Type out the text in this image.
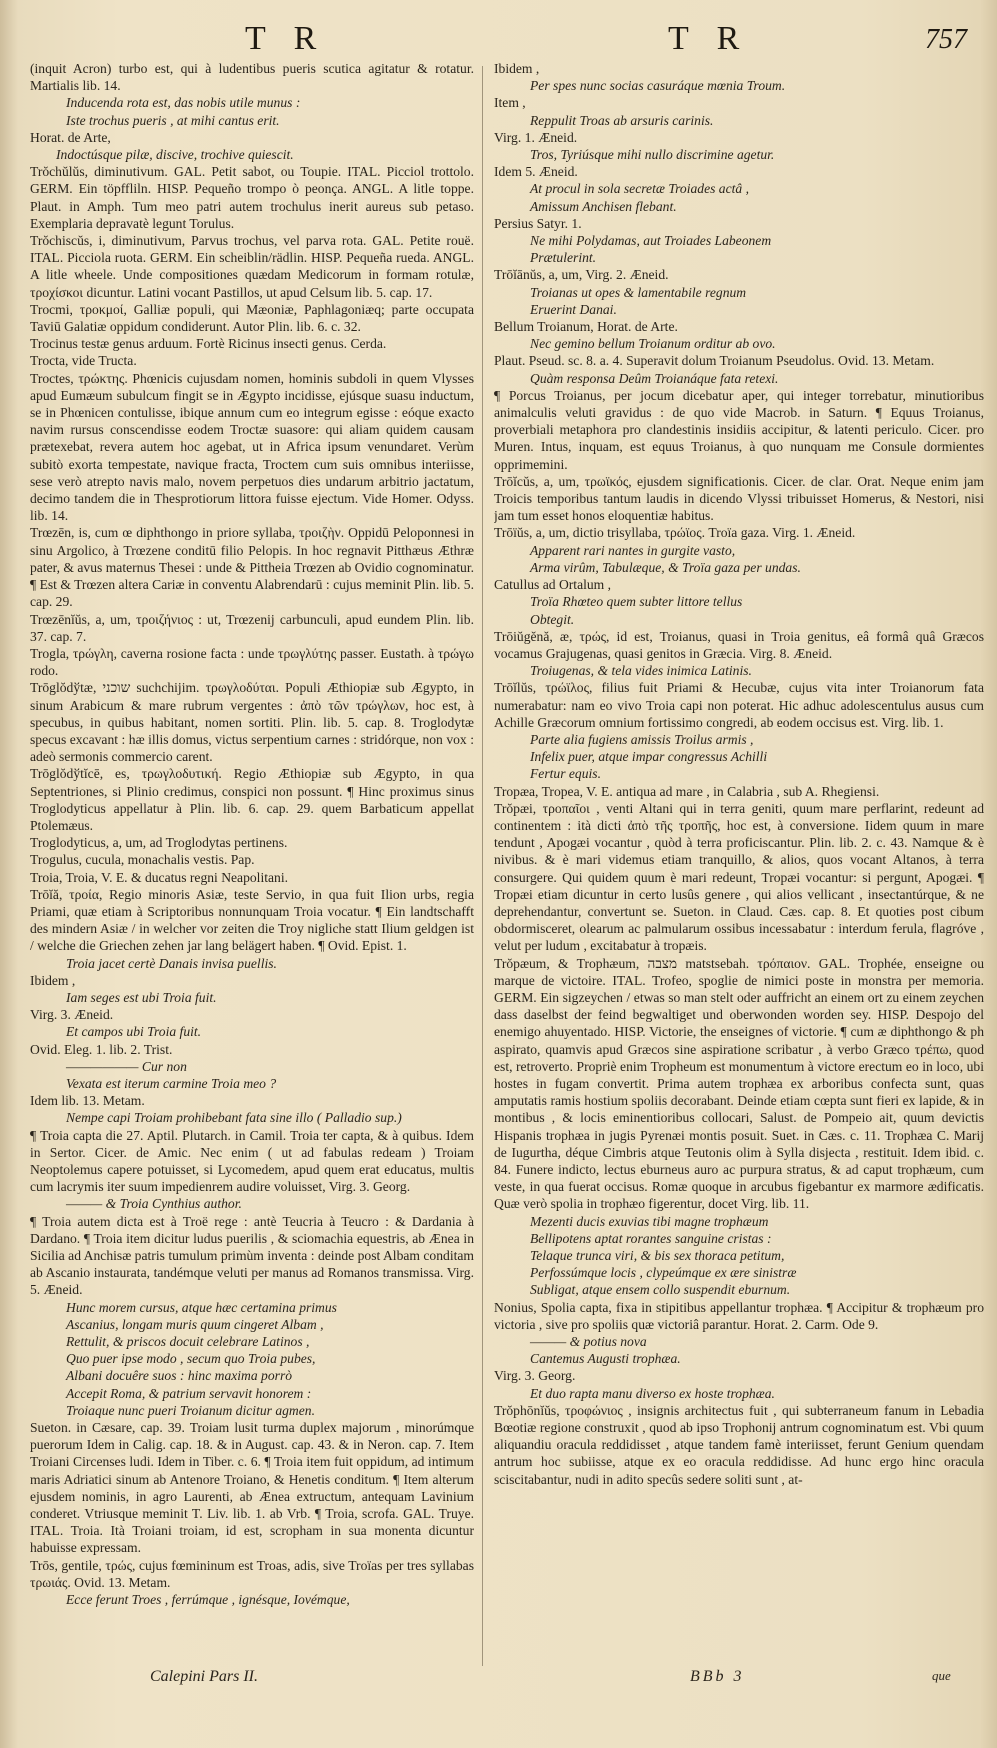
T R	T R	757

(inquit Acron) turbo est, qui à ludentibus pueris scutica agitatur & rotatur. Martialis lib. 14.

Inducenda rota est, das nobis utile munus :

Iste trochus pueris , at mihi cantus erit.

Horat. de Arte,

Indoctúsque pilæ, discive, trochive quiescit.

Trŏchŭlŭs, diminutivum. GAL. Petit sabot, ou Toupie. ITAL. Picciol trottolo. GERM. Ein töpffliln. HISP. Pequeño trompo ò peonça. ANGL. A litle toppe. Plaut. in Amph. Tum meo patri autem trochulus inerit aureus sub petaso. Exemplaria depravatè legunt Torulus.

Trŏchiscŭs, i, diminutivum, Parvus trochus, vel parva rota. GAL. Petite rouë. ITAL. Picciola ruota. GERM. Ein scheiblin/rädlin. HISP. Pequeña rueda. ANGL. A litle wheele. Unde compositiones quædam Medicorum in formam rotulæ, τροχίσκοι dicuntur. Latini vocant Pastillos, ut apud Celsum lib. 5. cap. 17.

Trocmi, τροκμοί, Galliæ populi, qui Mæoniæ, Paphlagoniæq; parte occupata Taviū Galatiæ oppidum condiderunt. Autor Plin. lib. 6. c. 32.

Trocinus testæ genus arduum. Fortè Ricinus insecti genus. Cerda.

Trocta, vide Tructa.

Troctes, τρώκτης. Phœnicis cujusdam nomen, hominis subdoli in quem Vlysses apud Eumæum subulcum fingit se in Ægypto incidisse, ejúsque suasu inductum, se in Phœnicen contulisse, ibique annum cum eo integrum egisse : eóque exacto navim rursus conscendisse eodem Troctæ suasore: qui aliam quidem causam prætexebat, revera autem hoc agebat, ut in Africa ipsum venundaret. Verùm subitò exorta tempestate, navique fracta, Troctem cum suis omnibus interiisse, sese verò atrepto navis malo, novem perpetuos dies undarum arbitrio jactatum, decimo tandem die in Thesprotiorum littora fuisse ejectum. Vide Homer. Odyss. lib. 14.

Trœzēn, is, cum œ diphthongo in priore syllaba, τροιζὴν. Oppidū Peloponnesi in sinu Argolico, à Trœzene conditū filio Pelopis. In hoc regnavit Pitthæus Æthræ pater, & avus maternus Thesei : unde & Pittheia Trœzen ab Ovidio cognominatur. ¶ Est & Trœzen altera Cariæ in conventu Alabrendarū : cujus meminit Plin. lib. 5. cap. 29.

Trœzēnĭŭs, a, um, τροιζήνιος : ut, Trœzenij carbunculi, apud eundem Plin. lib. 37. cap. 7.

Trogla, τρώγλη, caverna rosione facta : unde τρωγλύτης passer. Eustath. à τρώγω rodo.

Trōglŏdўtæ, שוכני suchchijim. τρωγλοδύται. Populi Æthiopiæ sub Ægypto, in sinum Arabicum & mare rubrum vergentes : ἀπὸ τῶν τρώγλων, hoc est, à specubus, in quibus habitant, nomen sortiti. Plin. lib. 5. cap. 8. Troglodytæ specus excavant : hæ illis domus, victus serpentium carnes : stridórque, non vox : adeò sermonis commercio carent.

Trōglŏdўtĭcē, es, τρωγλοδυτική. Regio Æthiopiæ sub Ægypto, in qua Septentriones, si Plinio credimus, conspici non possunt. ¶ Hinc proximus sinus Troglodyticus appellatur à Plin. lib. 6. cap. 29. quem Barbaticum appellat Ptolemæus.

Troglodyticus, a, um, ad Troglodytas pertinens.

Trogulus, cucula, monachalis vestis. Pap.

Troia, Troia, V. E. & ducatus regni Neapolitani.

Trōĭă, τροία, Regio minoris Asiæ, teste Servio, in qua fuit Ilion urbs, regia Priami, quæ etiam à Scriptoribus nonnunquam Troia vocatur. ¶ Ein landtschafft des mindern Asiæ / in welcher vor zeiten die Troy nigliche statt Ilium geldgen ist / welche die Griechen zehen jar lang belägert haben. ¶ Ovid. Epist. 1.

Troia jacet certè Danais invisa puellis.

Ibidem ,

Iam seges est ubi Troia fuit.

Virg. 3. Æneid.

Et campos ubi Troia fuit.

Ovid. Eleg. 1. lib. 2. Trist.

—————— Cur non

Vexata est iterum carmine Troia meo ?

Idem lib. 13. Metam.

Nempe capi Troiam prohibebant fata sine illo ( Palladio sup.)

¶ Troia capta die 27. Aptil. Plutarch. in Camil. Troia ter capta, & à quibus. Idem in Sertor. Cicer. de Amic. Nec enim ( ut ad fabulas redeam ) Troiam Neoptolemus capere potuisset, si Lycomedem, apud quem erat educatus, multis cum lacrymis iter suum impedienrem audire voluisset, Virg. 3. Georg.

——— & Troia Cynthius author.

¶ Troia autem dicta est à Troë rege : antè Teucria à Teucro : & Dardania à Dardano. ¶ Troia item dicitur ludus puerilis , & sciomachia equestris, ab Ænea in Sicilia ad Anchisæ patris tumulum primùm inventa : deinde post Albam conditam ab Ascanio instaurata, tandémque veluti per manus ad Romanos transmissa. Virg. 5. Æneid.

Hunc morem cursus, atque hæc certamina primus

Ascanius, longam muris quum cingeret Albam ,

Rettulit, & priscos docuit celebrare Latinos ,

Quo puer ipse modo , secum quo Troia pubes,

Albani docuêre suos : hinc maxima porrò

Accepit Roma, & patrium servavit honorem :

Troiaque nunc pueri Troianum dicitur agmen.

Sueton. in Cæsare, cap. 39. Troiam lusit turma duplex majorum , minorúmque puerorum Idem in Calig. cap. 18. & in August. cap. 43. & in Neron. cap. 7. Item Troiani Circenses ludi. Idem in Tiber. c. 6. ¶ Troia item fuit oppidum, ad intimum maris Adriatici sinum ab Antenore Troiano, & Henetis conditum. ¶ Item alterum ejusdem nominis, in agro Laurenti, ab Ænea extructum, antequam Lavinium conderet. Vtriusque meminit T. Liv. lib. 1. ab Vrb. ¶ Troia, scrofa. GAL. Truye. ITAL. Troia. Ità Troiani troiam, id est, scropham in sua monenta dicuntur habuisse expressam.

Trōs, gentile, τρώς, cujus fœmininum est Troas, adis, sive Troïas per tres syllabas τρωιάς. Ovid. 13. Metam.

Ecce ferunt Troes , ferrúmque , ignésque, Iovémque,

Ibidem ,

Per spes nunc socias casuráque mœnia Troum.

Item ,

Reppulit Troas ab arsuris carinis.

Virg. 1. Æneid.

Tros, Tyriúsque mihi nullo discrimine agetur.

Idem 5. Æneid.

At procul in sola secretæ Troiades actâ ,

Amissum Anchisen flebant.

Persius Satyr. 1.

Ne mihi Polydamas, aut Troiades Labeonem

Prætulerint.

Trōĭānŭs, a, um, Virg. 2. Æneid.

Troianas ut opes & lamentabile regnum

Eruerint Danai.

Bellum Troianum, Horat. de Arte.

Nec gemino bellum Troianum orditur ab ovo.

Plaut. Pseud. sc. 8. a. 4. Superavit dolum Troianum Pseudolus. Ovid. 13. Metam.

Quàm responsa Deûm Troianáque fata retexi.

¶ Porcus Troianus, per jocum dicebatur aper, qui integer torrebatur, minutioribus animalculis veluti gravidus : de quo vide Macrob. in Saturn. ¶ Equus Troianus, proverbiali metaphora pro clandestinis insidiis accipitur, & latenti periculo. Cicer. pro Muren. Intus, inquam, est equus Troianus, à quo nunquam me Consule dormientes opprimemini.

Trōĭcŭs, a, um, τρωϊκός, ejusdem significationis. Cicer. de clar. Orat. Neque enim jam Troicis temporibus tantum laudis in dicendo Vlyssi tribuisset Homerus, & Nestori, nisi jam tum esset honos eloquentiæ habitus.

Trōïŭs, a, um, dictio trisyllaba, τρώϊος. Troïa gaza. Virg. 1. Æneid.

Apparent rari nantes in gurgite vasto,

Arma virûm, Tabulæque, & Troïa gaza per undas.

Catullus ad Ortalum ,

Troïa Rhœteo quem subter littore tellus

Obtegit.

Trōiŭgĕnă, æ, τρώς, id est, Troianus, quasi in Troia genitus, eâ formâ quâ Græcos vocamus Grajugenas, quasi genitos in Græcia. Virg. 8. Æneid.

Troiugenas, & tela vides inimica Latinis.

Trōĭlŭs, τρώϊλος, filius fuit Priami & Hecubæ, cujus vita inter Troianorum fata numerabatur: nam eo vivo Troia capi non poterat. Hic adhuc adolescentulus ausus cum Achille Græcorum omnium fortissimo congredi, ab eodem occisus est. Virg. lib. 1.

Parte alia fugiens amissis Troilus armis ,

Infelix puer, atque impar congressus Achilli

Fertur equis.

Tropæa, Tropea, V. E. antiqua ad mare , in Calabria , sub A. Rhegiensi.

Trŏpæi, τροπαῖοι , venti Altani qui in terra geniti, quum mare perflarint, redeunt ad continentem : ità dicti ἀπὸ τῆς τροπῆς, hoc est, à conversione. Iidem quum in mare tendunt , Apogæi vocantur , quòd à terra proficiscantur. Plin. lib. 2. c. 43. Namque & è nivibus. & è mari videmus etiam tranquillo, & alios, quos vocant Altanos, à terra consurgere. Qui quidem quum è mari redeunt, Tropæi vocantur: si pergunt, Apogæi. ¶ Tropæi etiam dicuntur in certo lusûs genere , qui alios vellicant , insectantúrque, & ne deprehendantur, convertunt se. Sueton. in Claud. Cæs. cap. 8. Et quoties post cibum obdormisceret, olearum ac palmularum ossibus incessabatur : interdum ferula, flagróve , velut per ludum , excitabatur à tropæis.

Trŏpæum, & Trophæum, מצבה matstsebah. τρόπαιον. GAL. Trophée, enseigne ou marque de victoire. ITAL. Trofeo, spoglie de nimici poste in monstra per memoria. GERM. Ein sigzeychen / etwas so man stelt oder auffricht an einem ort zu einem zeychen dass daselbst der feind begwaltiget und oberwonden worden sey. HISP. Despojo del enemigo ahuyentado. HISP. Victorie, the enseignes of victorie. ¶ cum æ diphthongo & ph aspirato, quamvis apud Græcos sine aspiratione scribatur , à verbo Græco τρέπω, quod est, retroverto. Propriè enim Tropheum est monumentum à victore erectum eo in loco, ubi hostes in fugam convertit. Prima autem trophæa ex arboribus confecta sunt, quas amputatis ramis hostium spoliis decorabant. Deinde etiam cœpta sunt fieri ex lapide, & in montibus , & locis eminentioribus collocari, Salust. de Pompeio ait, quum devictis Hispanis trophæa in jugis Pyrenæi montis posuit. Suet. in Cæs. c. 11. Trophæa C. Marij de Iugurtha, déque Cimbris atque Teutonis olim à Sylla disjecta , restituit. Idem ibid. c. 84. Funere indicto, lectus eburneus auro ac purpura stratus, & ad caput trophæum, cum veste, in qua fuerat occisus. Romæ quoque in arcubus figebantur ex marmore ædificatis. Quæ verò spolia in trophæo figerentur, docet Virg. lib. 11.

Mezenti ducis exuvias tibi magne trophæum

Bellipotens aptat rorantes sanguine cristas :

Telaque trunca viri, & bis sex thoraca petitum,

Perfossúmque locis , clypeúmque ex ære sinistræ

Subligat, atque ensem collo suspendit eburnum.

Nonius, Spolia capta, fixa in stipitibus appellantur trophæa. ¶ Accipitur & trophæum pro victoria , sive pro spoliis quæ victoriâ parantur. Horat. 2. Carm. Ode 9.

——— & potius nova

Cantemus Augusti trophæa.

Virg. 3. Georg.

Et duo rapta manu diverso ex hoste trophæa.

Trŏphōnĭŭs, τροφώνιος , insignis architectus fuit , qui subterraneum fanum in Lebadia Bœotiæ regione construxit , quod ab ipso Trophonij antrum cognominatum est. Vbi quum aliquandiu oracula reddidisset , atque tandem famè interiisset, ferunt Genium quendam antrum hoc subiisse, atque ex eo oracula reddidisse. Ad hunc ergo hinc oracula sciscitabantur, nudi in adito specûs sedere soliti sunt , at-

Calepini Pars II.	BBb 3	que
